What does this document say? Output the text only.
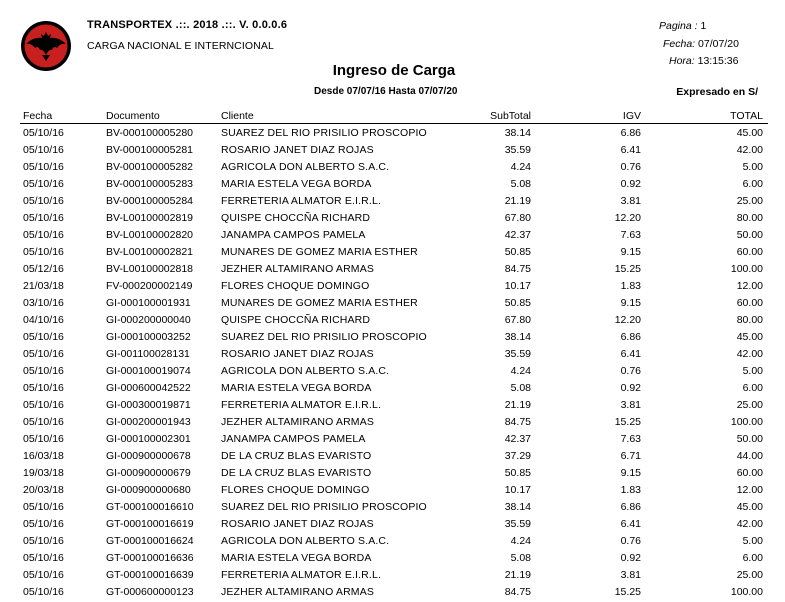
TRANSPORTEX .::. 2018 .::. V. 0.0.0.6
CARGA NACIONAL E INTERNCIONAL
Pagina : 1
Fecha: 07/07/20
Hora: 13:15:36
Ingreso de Carga
Desde 07/07/16 Hasta 07/07/20	Expresado en S/
Fecha	Documento	Cliente	SubTotal	IGV	TOTAL
05/10/16	BV-000100005280	SUAREZ DEL RIO PRISILIO PROSCOPIO	38.14	6.86	45.00
05/10/16	BV-000100005281	ROSARIO JANET DIAZ ROJAS	35.59	6.41	42.00
05/10/16	BV-000100005282	AGRICOLA DON ALBERTO S.A.C.	4.24	0.76	5.00
05/10/16	BV-000100005283	MARIA ESTELA VEGA BORDA	5.08	0.92	6.00
05/10/16	BV-000100005284	FERRETERIA ALMATOR E.I.R.L.	21.19	3.81	25.00
05/10/16	BV-L00100002819	QUISPE CHOCCÑA RICHARD	67.80	12.20	80.00
05/10/16	BV-L00100002820	JANAMPA CAMPOS PAMELA	42.37	7.63	50.00
05/10/16	BV-L00100002821	MUNARES DE GOMEZ MARIA ESTHER	50.85	9.15	60.00
05/12/16	BV-L00100002818	JEZHER ALTAMIRANO ARMAS	84.75	15.25	100.00
21/03/18	FV-000200002149	FLORES CHOQUE DOMINGO	10.17	1.83	12.00
03/10/16	GI-000100001931	MUNARES DE GOMEZ MARIA ESTHER	50.85	9.15	60.00
04/10/16	GI-000200000040	QUISPE CHOCCÑA RICHARD	67.80	12.20	80.00
05/10/16	GI-000100003252	SUAREZ DEL RIO PRISILIO PROSCOPIO	38.14	6.86	45.00
05/10/16	GI-001100028131	ROSARIO JANET DIAZ ROJAS	35.59	6.41	42.00
05/10/16	GI-000100019074	AGRICOLA DON ALBERTO S.A.C.	4.24	0.76	5.00
05/10/16	GI-000600042522	MARIA ESTELA VEGA BORDA	5.08	0.92	6.00
05/10/16	GI-000300019871	FERRETERIA ALMATOR E.I.R.L.	21.19	3.81	25.00
05/10/16	GI-000200001943	JEZHER ALTAMIRANO ARMAS	84.75	15.25	100.00
05/10/16	GI-000100002301	JANAMPA CAMPOS PAMELA	42.37	7.63	50.00
16/03/18	GI-000900000678	DE LA CRUZ BLAS EVARISTO	37.29	6.71	44.00
19/03/18	GI-000900000679	DE LA CRUZ BLAS EVARISTO	50.85	9.15	60.00
20/03/18	GI-000900000680	FLORES CHOQUE DOMINGO	10.17	1.83	12.00
05/10/16	GT-000100016610	SUAREZ DEL RIO PRISILIO PROSCOPIO	38.14	6.86	45.00
05/10/16	GT-000100016619	ROSARIO JANET DIAZ ROJAS	35.59	6.41	42.00
05/10/16	GT-000100016624	AGRICOLA DON ALBERTO S.A.C.	4.24	0.76	5.00
05/10/16	GT-000100016636	MARIA ESTELA VEGA BORDA	5.08	0.92	6.00
05/10/16	GT-000100016639	FERRETERIA ALMATOR E.I.R.L.	21.19	3.81	25.00
05/10/16	GT-000600000123	JEZHER ALTAMIRANO ARMAS	84.75	15.25	100.00
